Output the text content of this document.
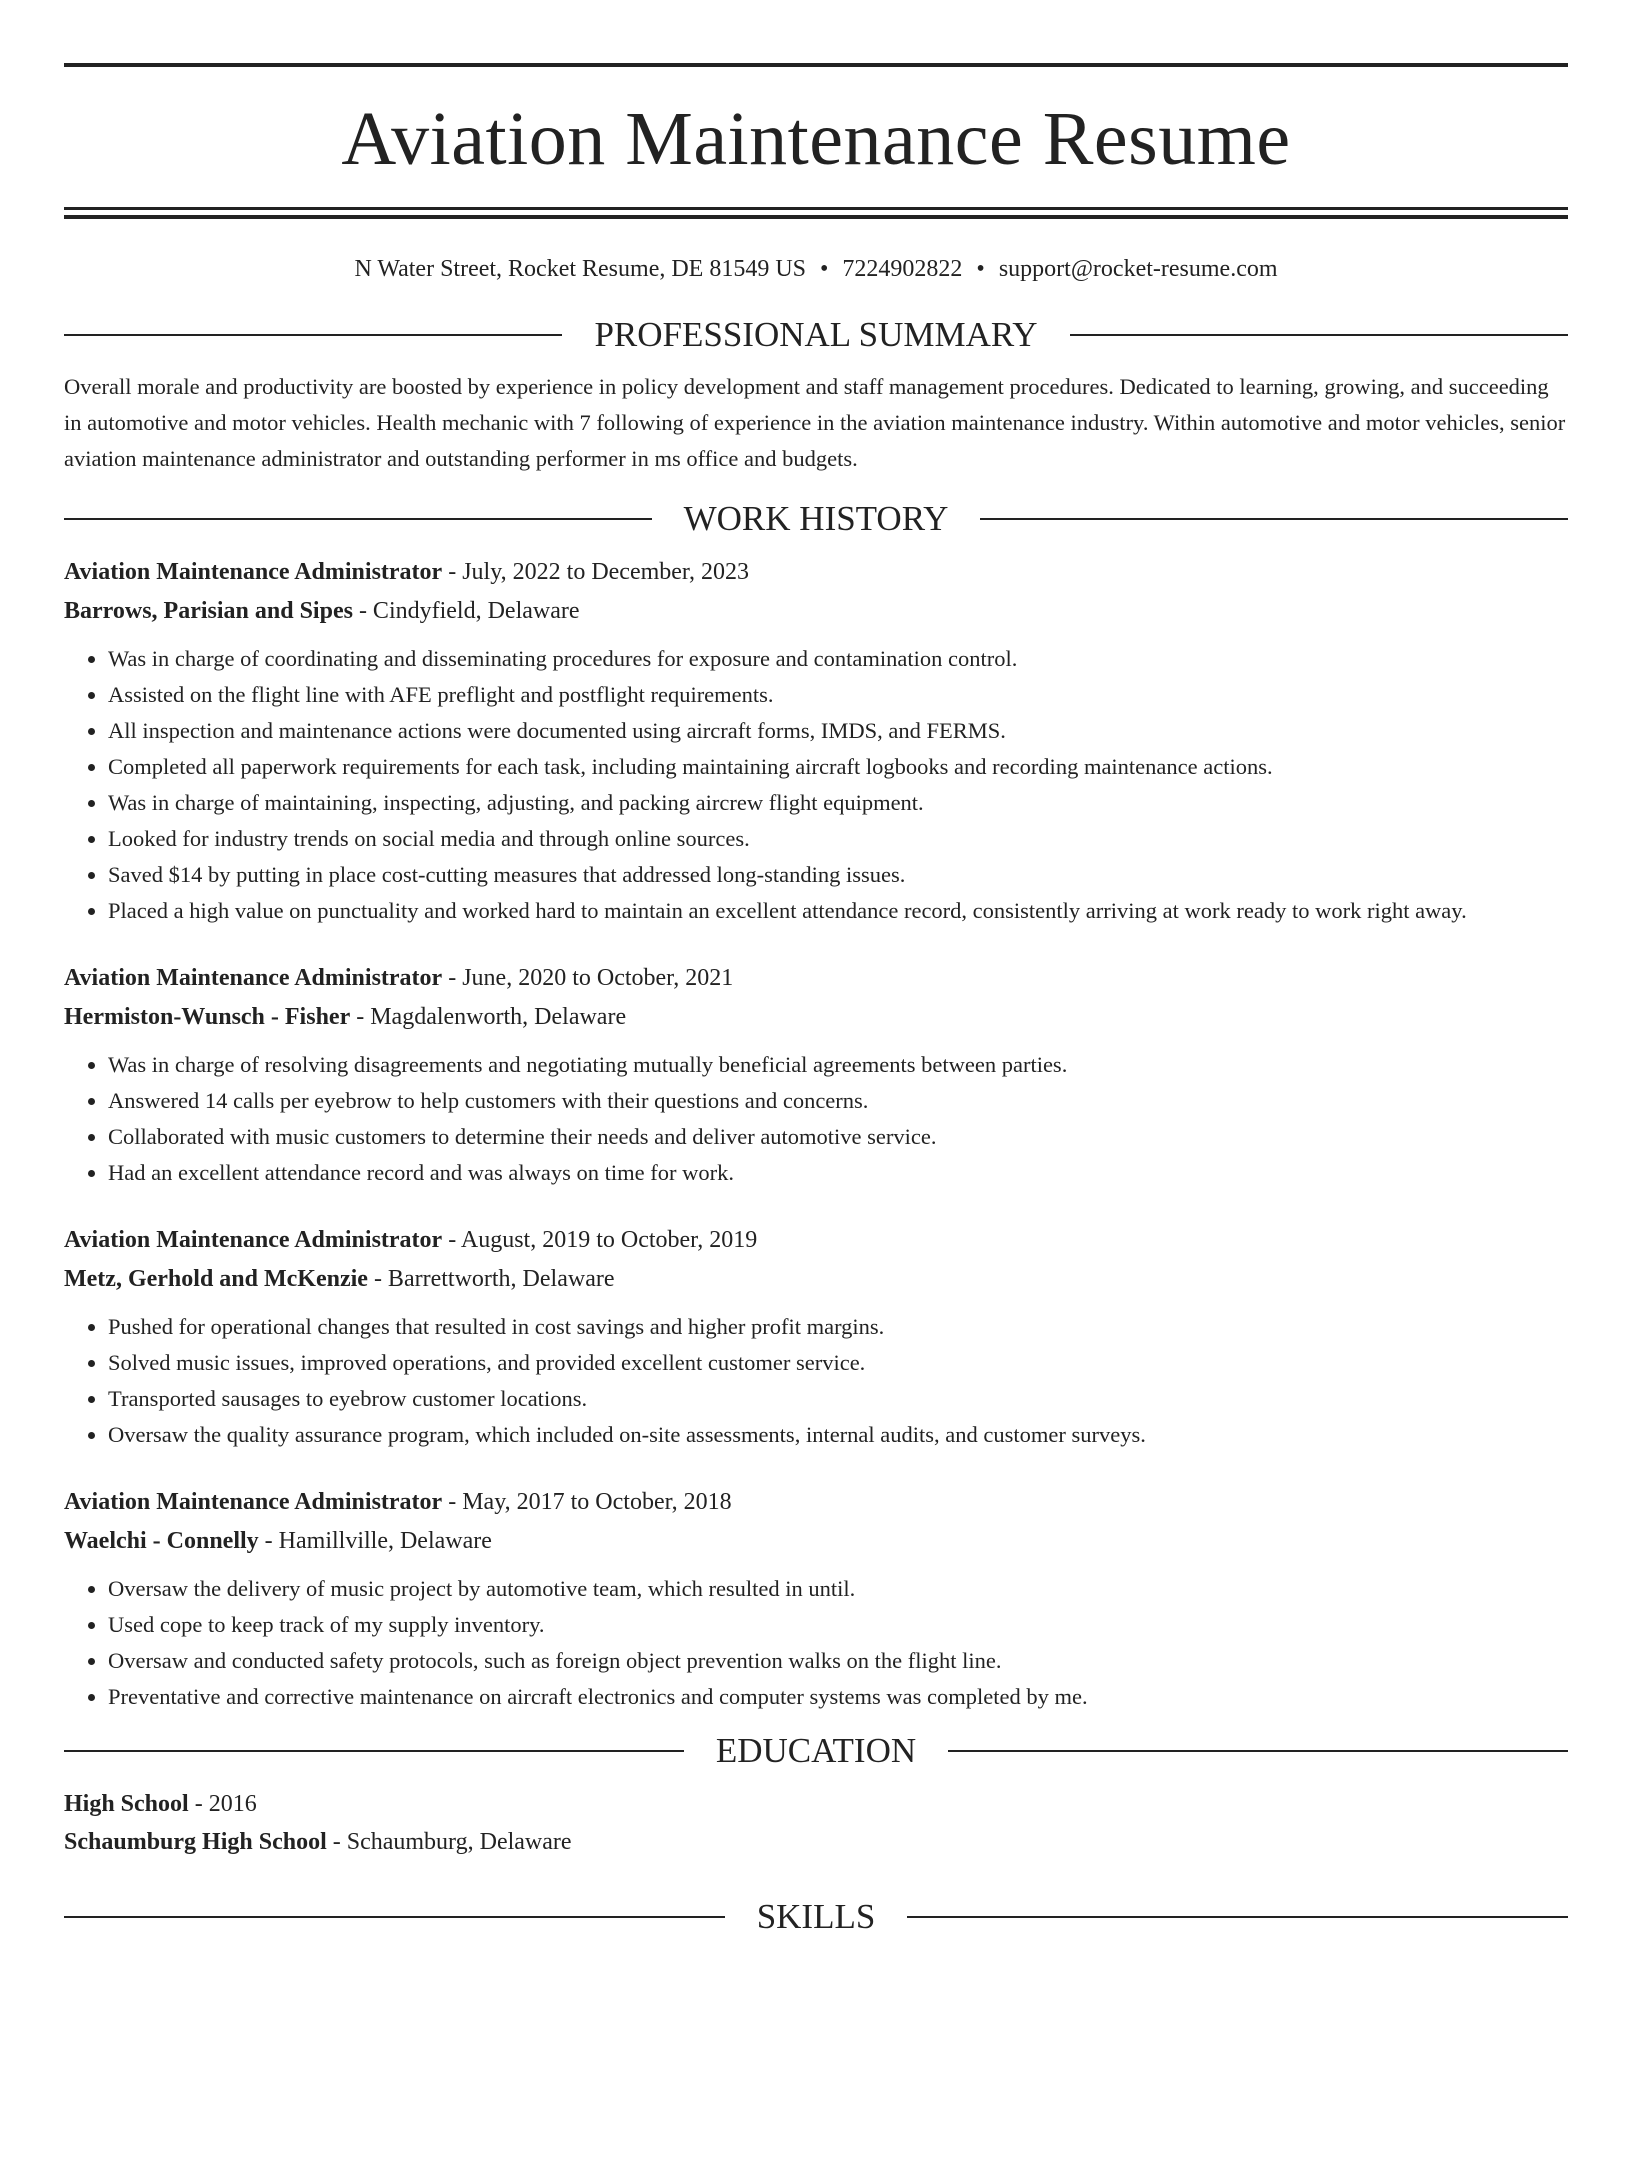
Aviation Maintenance Resume
N Water Street, Rocket Resume, DE 81549 US • 7224902822 • support@rocket-resume.com
PROFESSIONAL SUMMARY
Overall morale and productivity are boosted by experience in policy development and staff management procedures. Dedicated to learning, growing, and succeeding in automotive and motor vehicles. Health mechanic with 7 following of experience in the aviation maintenance industry. Within automotive and motor vehicles, senior aviation maintenance administrator and outstanding performer in ms office and budgets.
WORK HISTORY
Aviation Maintenance Administrator - July, 2022 to December, 2023
Barrows, Parisian and Sipes - Cindyfield, Delaware
• Was in charge of coordinating and disseminating procedures for exposure and contamination control.
• Assisted on the flight line with AFE preflight and postflight requirements.
• All inspection and maintenance actions were documented using aircraft forms, IMDS, and FERMS.
• Completed all paperwork requirements for each task, including maintaining aircraft logbooks and recording maintenance actions.
• Was in charge of maintaining, inspecting, adjusting, and packing aircrew flight equipment.
• Looked for industry trends on social media and through online sources.
• Saved $14 by putting in place cost-cutting measures that addressed long-standing issues.
• Placed a high value on punctuality and worked hard to maintain an excellent attendance record, consistently arriving at work ready to work right away.
Aviation Maintenance Administrator - June, 2020 to October, 2021
Hermiston-Wunsch - Fisher - Magdalenworth, Delaware
• Was in charge of resolving disagreements and negotiating mutually beneficial agreements between parties.
• Answered 14 calls per eyebrow to help customers with their questions and concerns.
• Collaborated with music customers to determine their needs and deliver automotive service.
• Had an excellent attendance record and was always on time for work.
Aviation Maintenance Administrator - August, 2019 to October, 2019
Metz, Gerhold and McKenzie - Barrettworth, Delaware
• Pushed for operational changes that resulted in cost savings and higher profit margins.
• Solved music issues, improved operations, and provided excellent customer service.
• Transported sausages to eyebrow customer locations.
• Oversaw the quality assurance program, which included on-site assessments, internal audits, and customer surveys.
Aviation Maintenance Administrator - May, 2017 to October, 2018
Waelchi - Connelly - Hamillville, Delaware
• Oversaw the delivery of music project by automotive team, which resulted in until.
• Used cope to keep track of my supply inventory.
• Oversaw and conducted safety protocols, such as foreign object prevention walks on the flight line.
• Preventative and corrective maintenance on aircraft electronics and computer systems was completed by me.
EDUCATION
High School - 2016
Schaumburg High School - Schaumburg, Delaware
SKILLS
